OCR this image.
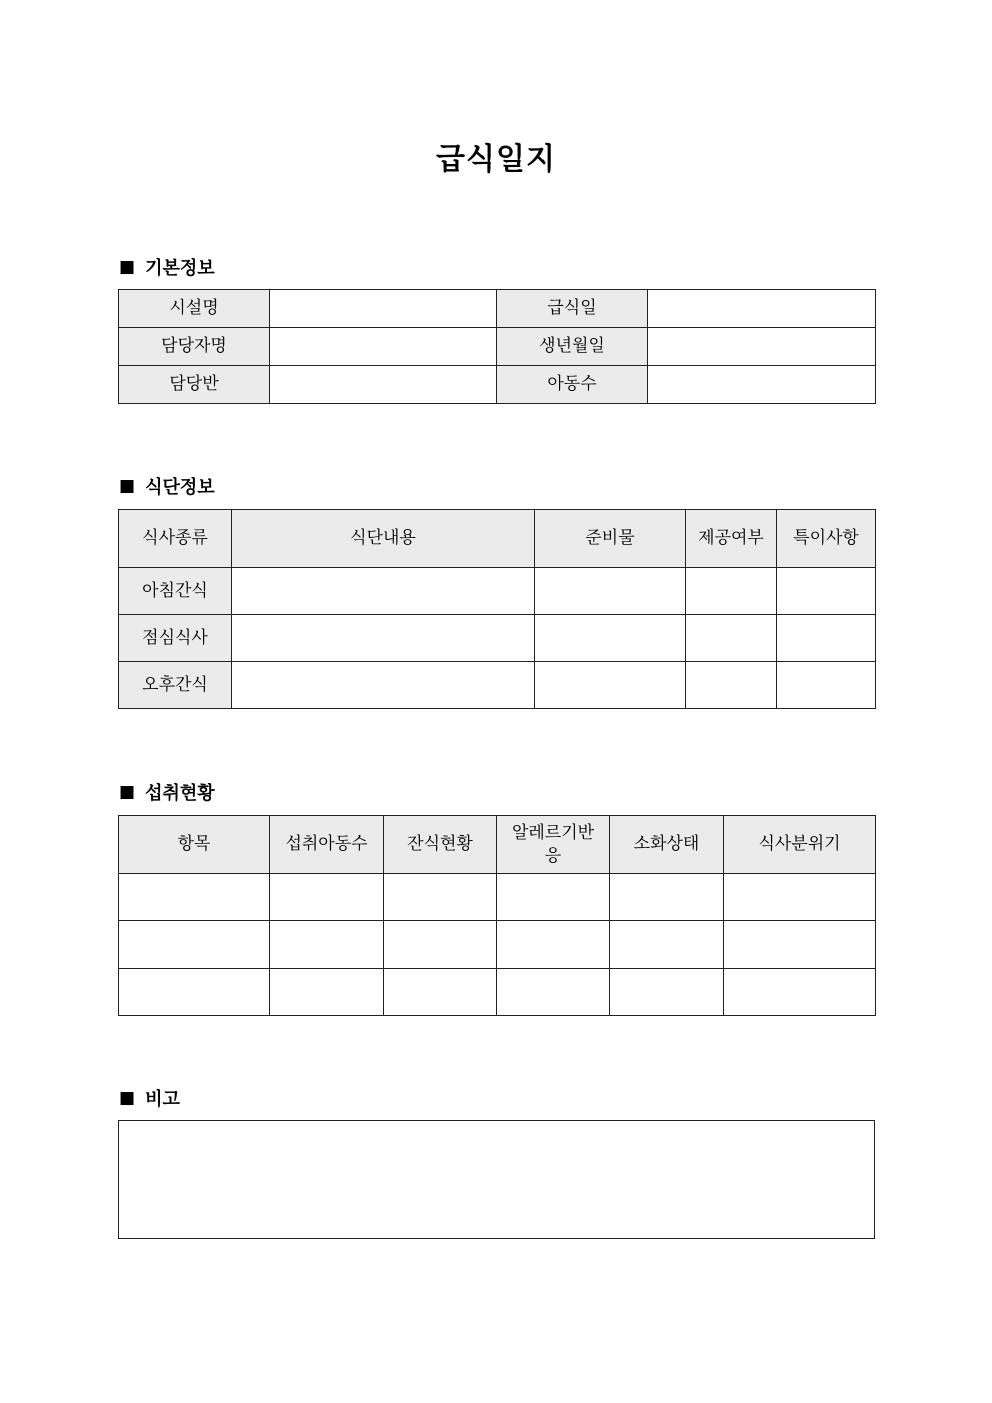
급식일지
■ 기본정보
시설명		급식일	
담당자명		생년월일	
담당반		아동수	
■ 식단정보
식사종류	식단내용	준비물	제공여부	특이사항
아침간식				
점심식사				
오후간식				
■ 섭취현황
항목	섭취아동수	잔식현황	알레르기반응	소화상태	식사분위기

■ 비고
